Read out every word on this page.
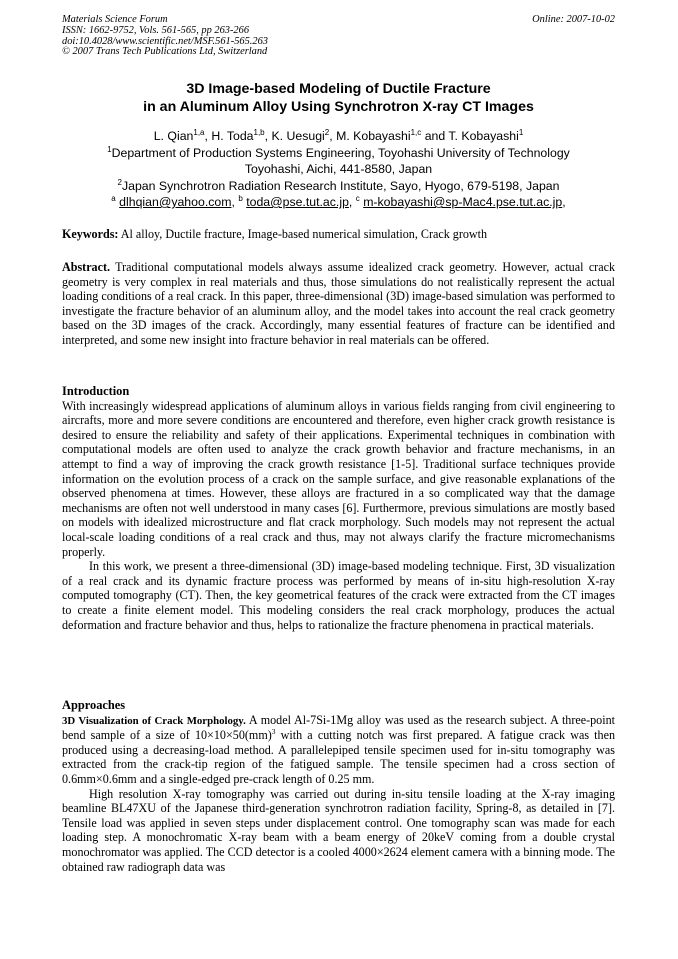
Materials Science Forum
ISSN: 1662-9752, Vols. 561-565, pp 263-266
doi:10.4028/www.scientific.net/MSF.561-565.263
© 2007 Trans Tech Publications Ltd, Switzerland
Online: 2007-10-02
3D Image-based Modeling of Ductile Fracture
in an Aluminum Alloy Using Synchrotron X-ray CT Images
L. Qian$^{1,a}$, H. Toda$^{1,b}$, K. Uesugi$^2$, M. Kobayashi$^{1,c}$ and T. Kobayashi$^1$
$^1$Department of Production Systems Engineering, Toyohashi University of Technology
Toyohashi, Aichi, 441-8580, Japan
$^2$Japan Synchrotron Radiation Research Institute, Sayo, Hyogo, 679-5198, Japan
$^a$ dlhqian@yahoo.com, $^b$ toda@pse.tut.ac.jp, $^c$ m-kobayashi@sp-Mac4.pse.tut.ac.jp,

Keywords: Al alloy, Ductile fracture, Image-based numerical simulation, Crack growth

Abstract. Traditional computational models always assume idealized crack geometry. However, actual crack geometry is very complex in real materials and thus, those simulations do not realistically represent the actual loading conditions of a real crack. In this paper, three-dimensional (3D) image-based simulation was performed to investigate the fracture behavior of an aluminum alloy, and the model takes into account the real crack geometry based on the 3D images of the crack. Accordingly, many essential features of fracture can be identified and interpreted, and some new insight into fracture behavior in real materials can be offered.

Introduction

With increasingly widespread applications of aluminum alloys in various fields ranging from civil engineering to aircrafts, more and more severe conditions are encountered and therefore, even higher crack growth resistance is desired to ensure the reliability and safety of their applications. Experimental techniques in combination with computational models are often used to analyze the crack growth behavior and fracture mechanisms, in an attempt to find a way of improving the crack growth resistance [1-5]. Traditional surface techniques provide information on the evolution process of a crack on the sample surface, and give reasonable explanations of the observed phenomena at times. However, these alloys are fractured in a so complicated way that the damage mechanisms are often not well understood in many cases [6]. Furthermore, previous simulations are mostly based on models with idealized microstructure and flat crack morphology. Such models may not represent the actual local-scale loading conditions of a real crack and thus, may not always clarify the fracture micromechanisms properly.

In this work, we present a three-dimensional (3D) image-based modeling technique. First, 3D visualization of a real crack and its dynamic fracture process was performed by means of in-situ high-resolution X-ray computed tomography (CT). Then, the key geometrical features of the crack were extracted from the CT images to create a finite element model. This modeling considers the real crack morphology, produces the actual deformation and fracture behavior and thus, helps to rationalize the fracture phenomena in practical materials.

Approaches

3D Visualization of Crack Morphology. A model Al-7Si-1Mg alloy was used as the research subject. A three-point bend sample of a size of 10×10×50(mm)$^3$ with a cutting notch was first prepared. A fatigue crack was then produced using a decreasing-load method. A parallelepiped tensile specimen used for in-situ tomography was extracted from the crack-tip region of the fatigued sample. The tensile specimen had a cross section of 0.6mm×0.6mm and a single-edged pre-crack length of 0.25 mm.

High resolution X-ray tomography was carried out during in-situ tensile loading at the X-ray imaging beamline BL47XU of the Japanese third-generation synchrotron radiation facility, Spring-8, as detailed in [7]. Tensile load was applied in seven steps under displacement control. One tomography scan was made for each loading step. A monochromatic X-ray beam with a beam energy of 20keV coming from a double crystal monochromator was applied. The CCD detector is a cooled 4000×2624 element camera with a binning mode. The obtained raw radiograph data was
